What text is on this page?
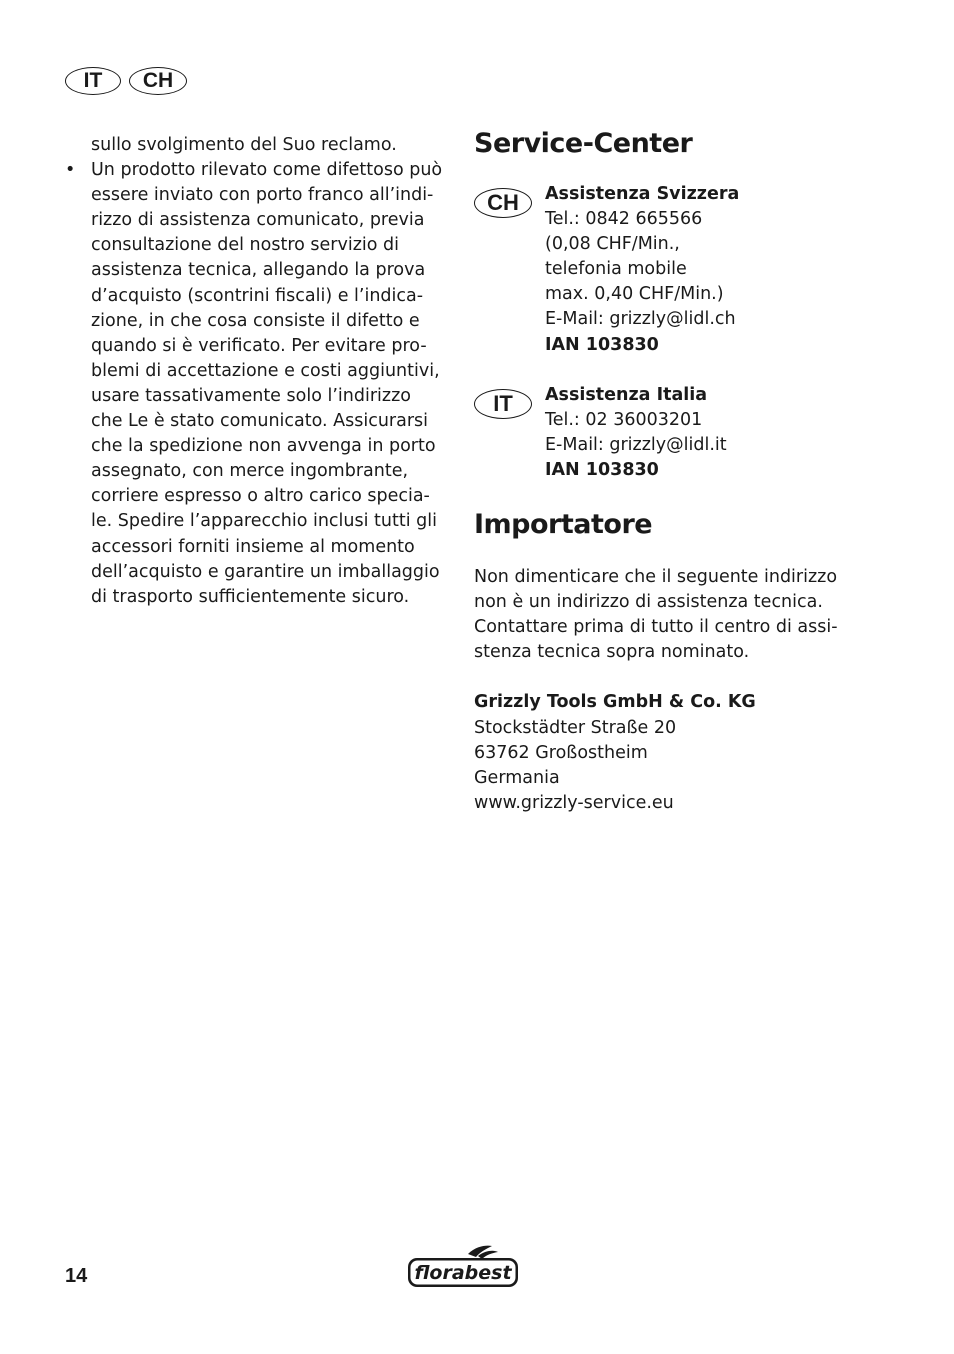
IT	CH

sullo svolgimento del Suo reclamo.

• Un prodotto rilevato come difettoso può
essere inviato con porto franco all’indi-
rizzo di assistenza comunicato, previa
consultazione del nostro servizio di
assistenza tecnica, allegando la prova
d’acquisto (scontrini fiscali) e l’indica-
zione, in che cosa consiste il difetto e
quando si è verificato. Per evitare pro-
blemi di accettazione e costi aggiuntivi,
usare tassativamente solo l’indirizzo
che Le è stato comunicato. Assicurarsi
che la spedizione non avvenga in porto
assegnato, con merce ingombrante,
corriere espresso o altro carico specia-
le. Spedire l’apparecchio inclusi tutti gli
accessori forniti insieme al momento
dell’acquisto e garantire un imballaggio
di trasporto sufficientemente sicuro.
Service-Center
CH	Assistenza Svizzera
Tel.: 0842 665566
(0,08 CHF/Min.,
telefonia mobile
max. 0,40 CHF/Min.)
E-Mail: grizzly@lidl.ch
IAN 103830
IT	Assistenza Italia
Tel.: 02 36003201
E-Mail: grizzly@lidl.it
IAN 103830
Importatore
Non dimenticare che il seguente indirizzo
non è un indirizzo di assistenza tecnica.
Contattare prima di tutto il centro di assi-
stenza tecnica sopra nominato.
Grizzly Tools GmbH & Co. KG
Stockstädter Straße 20
63762 Großostheim
Germania
www.grizzly-service.eu
14	florabest
